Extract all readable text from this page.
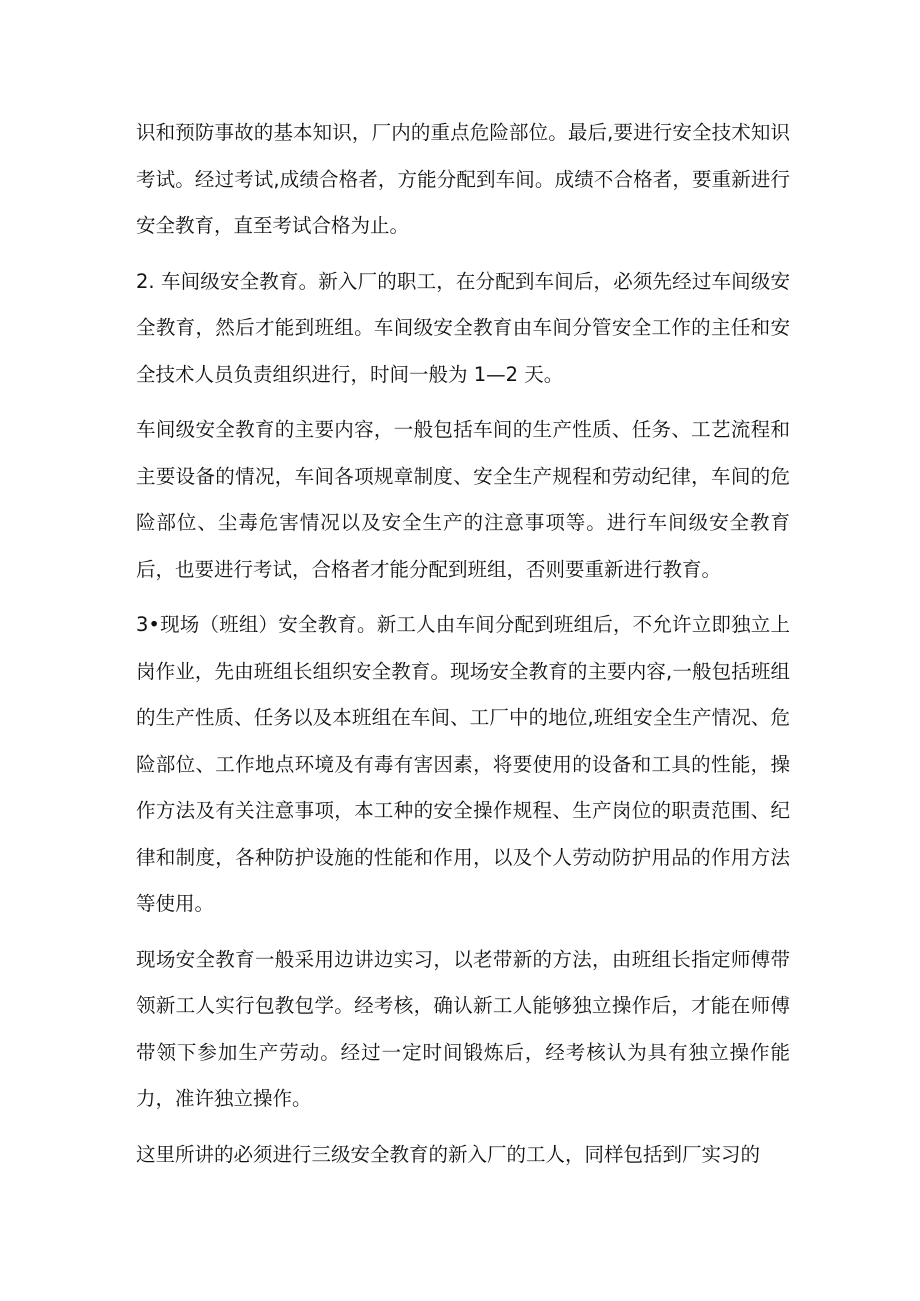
识和预防事故的基本知识，厂内的重点危险部位。最后,要进行安全技术知识考试。经过考试,成绩合格者，方能分配到车间。成绩不合格者，要重新进行安全教育，直至考试合格为止。

2. 车间级安全教育。新入厂的职工，在分配到车间后，必须先经过车间级安全教育，然后才能到班组。车间级安全教育由车间分管安全工作的主任和安全技术人员负责组织进行，时间一般为 1—2 天。

车间级安全教育的主要内容，一般包括车间的生产性质、任务、工艺流程和主要设备的情况，车间各项规章制度、安全生产规程和劳动纪律，车间的危险部位、尘毒危害情况以及安全生产的注意事项等。进行车间级安全教育后，也要进行考试，合格者才能分配到班组，否则要重新进行教育。

3•现场（班组）安全教育。新工人由车间分配到班组后，不允许立即独立上岗作业，先由班组长组织安全教育。现场安全教育的主要内容,一般包括班组的生产性质、任务以及本班组在车间、工厂中的地位,班组安全生产情况、危险部位、工作地点环境及有毒有害因素，将要使用的设备和工具的性能，操作方法及有关注意事项，本工种的安全操作规程、生产岗位的职责范围、纪律和制度，各种防护设施的性能和作用，以及个人劳动防护用品的作用方法等使用。

现场安全教育一般采用边讲边实习，以老带新的方法，由班组长指定师傅带领新工人实行包教包学。经考核，确认新工人能够独立操作后，才能在师傅带领下参加生产劳动。经过一定时间锻炼后，经考核认为具有独立操作能力，准许独立操作。

这里所讲的必须进行三级安全教育的新入厂的工人，同样包括到厂实习的
